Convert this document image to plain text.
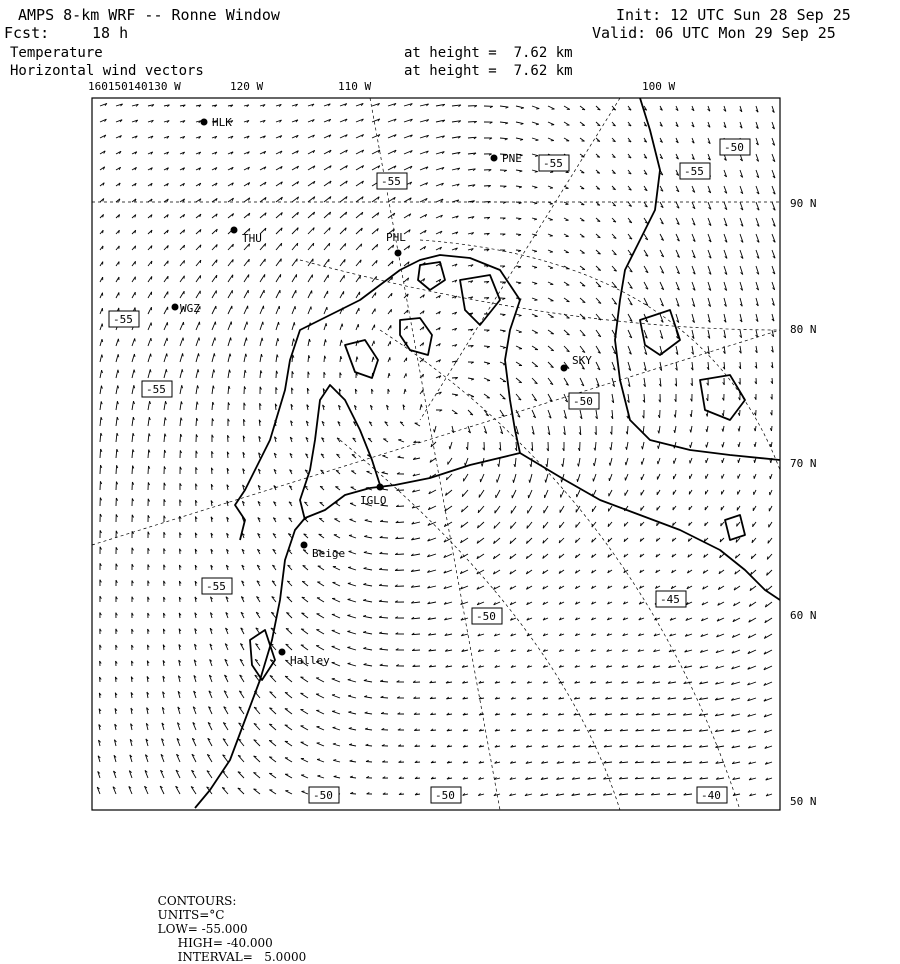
AMPS 8-km WRF -- Ronne Window
Fcst:	18 h
Init: 12 UTC Sun 28 Sep 25
Valid: 06 UTC Mon 29 Sep 25
Temperature	at height =  7.62 km
Horizontal wind vectors	at height =  7.62 km
160150140130 W	120 W	110 W	100 W
90 N
80 N
70 N
60 N
50 N
HLK
PNE
THU	PHL
WGZ
SKY
IGLO
Beige
Halley
-55
-55
-50
-55
-55
-50
-55
-50
-45
-55
-50	-40
-50

CONTOURS:
UNITS=°C
LOW= -55.000
HIGH= -40.000
INTERVAL=   5.0000
